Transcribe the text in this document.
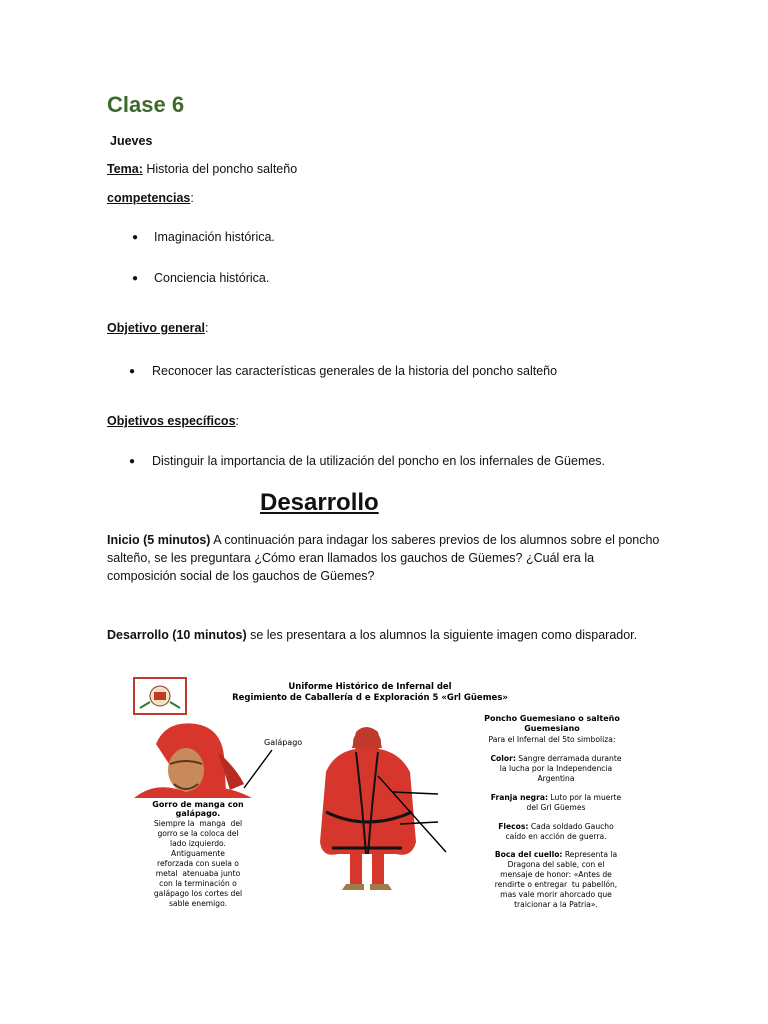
Clase 6
Jueves
Tema: Historia del poncho salteño
competencias:
● Imaginación histórica.
● Conciencia histórica.
Objetivo general:
● Reconocer las características generales de la historia del poncho salteño
Objetivos específicos:
● Distinguir la importancia de la utilización del poncho en los infernales de Güemes.
Desarrollo
Inicio (5 minutos) A continuación para indagar los saberes previos de los alumnos sobre el poncho
salteño, se les preguntara ¿Cómo eran llamados los gauchos de Güemes? ¿Cuál era la
composición social de los gauchos de Güemes?
Desarrollo (10 minutos) se les presentara a los alumnos la siguiente imagen como disparador.
Uniforme Histórico de Infernal del
Regimiento de Caballería d e Exploración 5 «Grl Güemes»
Galápago
Gorro de manga con
galápago.
Siempre la  manga  del
gorro se la coloca del
lado izquierdo.
Antiguamente
reforzada con suela o
metal  atenuaba junto
con la terminación o
galápago los cortes del
sable enemigo.
Poncho Guemesiano o salteño
Guemesiano
Para el Infernal del 5to simboliza:
Color: Sangre derramada durante
la lucha por la Independencia
Argentina
Franja negra: Luto por la muerte
del Grl Güemes
Flecos: Cada soldado Gaucho
caído en acción de guerra.
Boca del cuello: Representa la
Dragona del sable, con el
mensaje de honor: «Antes de
rendirte o entregar  tu pabellón,
mas vale morir ahorcado que
traicionar a la Patria».
